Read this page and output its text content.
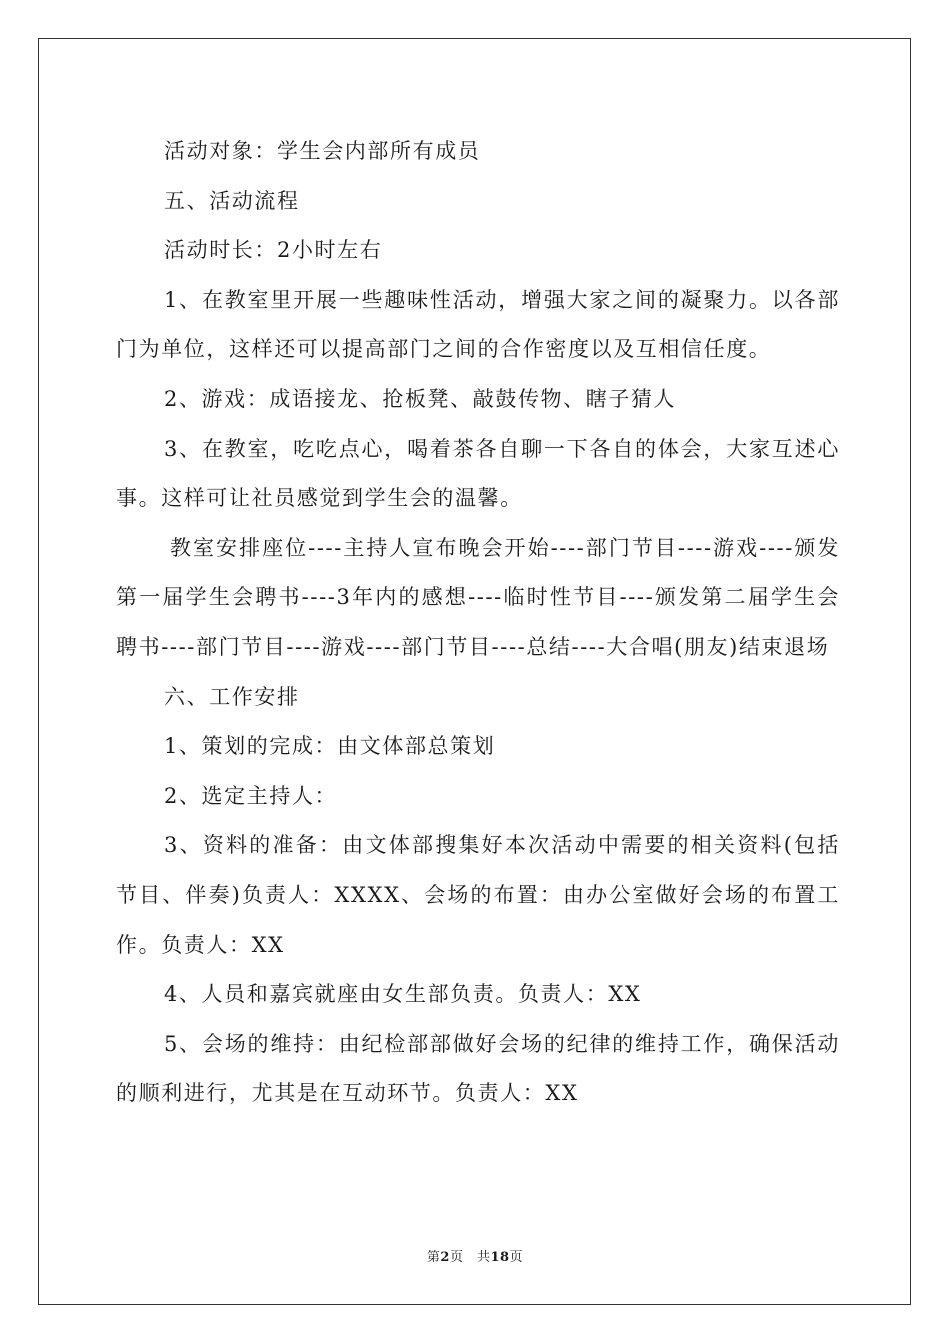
活动对象：学生会内部所有成员

五、活动流程

活动时长：2小时左右

1、在教室里开展一些趣味性活动，增强大家之间的凝聚力。以各部门为单位，这样还可以提高部门之间的合作密度以及互相信任度。

2、游戏：成语接龙、抢板凳、敲鼓传物、瞎子猜人

3、在教室，吃吃点心，喝着茶各自聊一下各自的体会，大家互述心事。这样可让社员感觉到学生会的温馨。

教室安排座位----主持人宣布晚会开始----部门节目----游戏----颁发第一届学生会聘书----3年内的感想----临时性节目----颁发第二届学生会聘书----部门节目----游戏----部门节目----总结----大合唱(朋友)结束退场

六、工作安排

1、策划的完成：由文体部总策划

2、选定主持人：

3、资料的准备：由文体部搜集好本次活动中需要的相关资料(包括节目、伴奏)负责人：XXXX、会场的布置：由办公室做好会场的布置工作。负责人：XX

4、人员和嘉宾就座由女生部负责。负责人：XX

5、会场的维持：由纪检部部做好会场的纪律的维持工作，确保活动的顺利进行，尤其是在互动环节。负责人：XX

第2页　共18页
